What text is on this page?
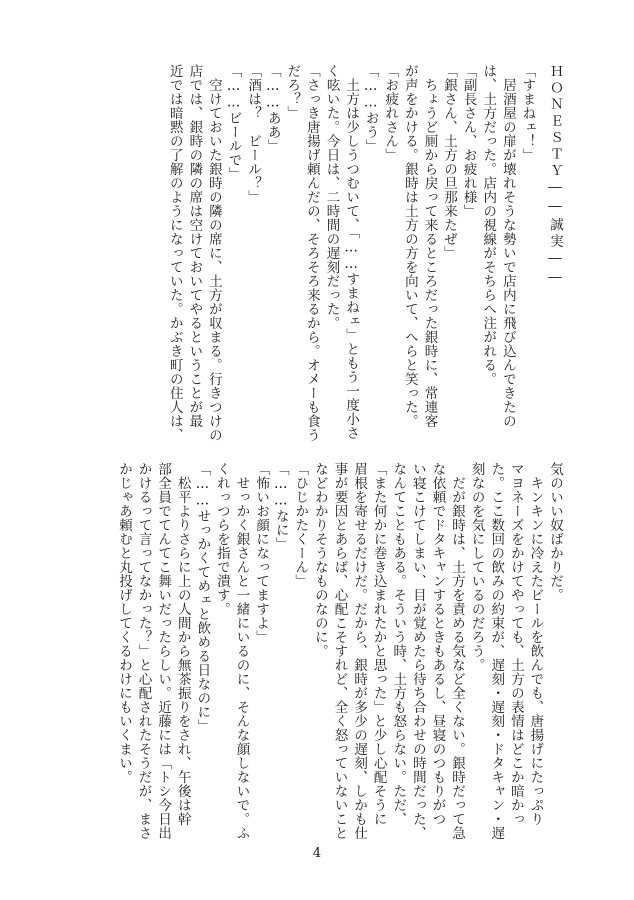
ＨＯＮＥＳＴＹ――誠実――
「すまねェ！」
　居酒屋の扉が壊れそうな勢いで店内に飛び込んできたの
は、土方だった。店内の視線がそちらへ注がれる。
「副長さん、お疲れ様」
「銀さん、土方の旦那来たぜ」
　ちょうど厠から戻って来るところだった銀時に、常連客
が声をかける。銀時は土方の方を向いて、へらと笑った。
「お疲れさん」
「……おう」
　土方は少しうつむいて、「……すまねェ」ともう一度小さ
く呟いた。今日は、二時間の遅刻だった。
「さっき唐揚げ頼んだの、そろそろ来るから。オメーも食う
だろ？」
「……ああ」
「酒は？　ビール？」
「……ビールで」
　空けておいた銀時の隣の席に、土方が収まる。行きつけの
店では、銀時の隣の席は空けておいてやるということが最
近では暗黙の了解のようになっていた。かぶき町の住人は、
気のいい奴ばかりだ。
　キンキンに冷えたビールを飲んでも、唐揚げにたっぷり
マヨネーズをかけてやっても、土方の表情はどこか暗かっ
た。ここ数回の飲みの約束が、遅刻・遅刻・ドタキャン・遅
刻なのを気にしているのだろう。
　だが銀時は、土方を責める気など全くない。銀時だって急
な依頼でドタキャンするときもあるし、昼寝のつもりがつ
い寝こけてしまい、目が覚めたら待ち合わせの時間だった、
なんてこともある。そういう時、土方も怒らない。ただ、
「また何かに巻き込まれたかと思った」と少し心配そうに
眉根を寄せるだけだ。だから、銀時が多少の遅刻、しかも仕
事が要因とあらば、心配こそすれど、全く怒っていないこと
などわかりそうなものなのに。
「ひじかたくーん」
「……なに」
「怖いお顔になってますよ」
　せっかく銀さんと一緒にいるのに、そんな顔しないで。ふ
くれっつらを指で潰す。
「……せっかくてめェと飲める日なのに」
　松平よりさらに上の人間から無茶振りをされ、午後は幹
部全員でてんてこ舞いだったらしい。近藤には「トシ今日出
かけるって言ってなかった？」と心配されたそうだが、まさ
かじゃあ頼むと丸投げしてくるわけにもいくまい。
4
